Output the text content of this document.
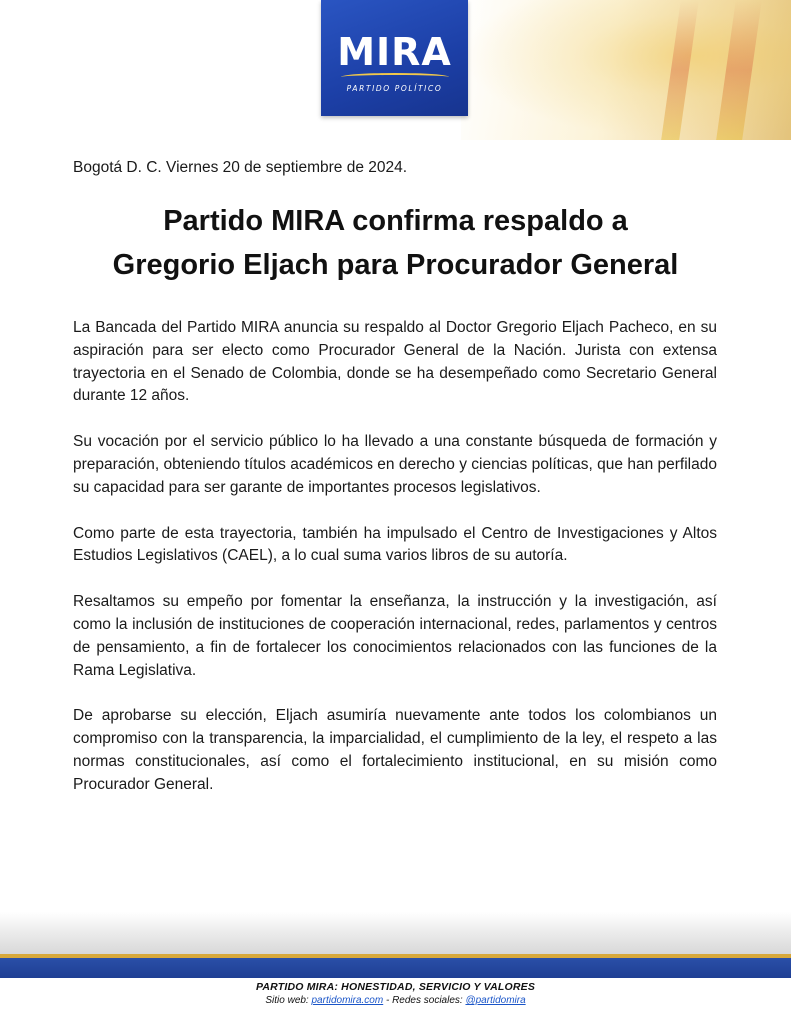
MIRA
PARTIDO POLÍTICO
Bogotá D. C. Viernes 20 de septiembre de 2024.
Partido MIRA confirma respaldo a
Gregorio Eljach para Procurador General

La Bancada del Partido MIRA anuncia su respaldo al Doctor Gregorio Eljach Pacheco, en su aspiración para ser electo como Procurador General de la Nación. Jurista con extensa trayectoria en el Senado de Colombia, donde se ha desempeñado como Secretario General durante 12 años.

Su vocación por el servicio público lo ha llevado a una constante búsqueda de formación y preparación, obteniendo títulos académicos en derecho y ciencias políticas, que han perfilado su capacidad para ser garante de importantes procesos legislativos.

Como parte de esta trayectoria, también ha impulsado el Centro de Investigaciones y Altos Estudios Legislativos (CAEL), a lo cual suma varios libros de su autoría.

Resaltamos su empeño por fomentar la enseñanza, la instrucción y la investigación, así como la inclusión de instituciones de cooperación internacional, redes, parlamentos y centros de pensamiento, a fin de fortalecer los conocimientos relacionados con las funciones de la Rama Legislativa.

De aprobarse su elección, Eljach asumiría nuevamente ante todos los colombianos un compromiso con la transparencia, la imparcialidad, el cumplimiento de la ley, el respeto a las normas constitucionales, así como el fortalecimiento institucional, en su misión como Procurador General.

PARTIDO MIRA: HONESTIDAD, SERVICIO Y VALORES
Sitio web: partidomira.com - Redes sociales: @partidomira
